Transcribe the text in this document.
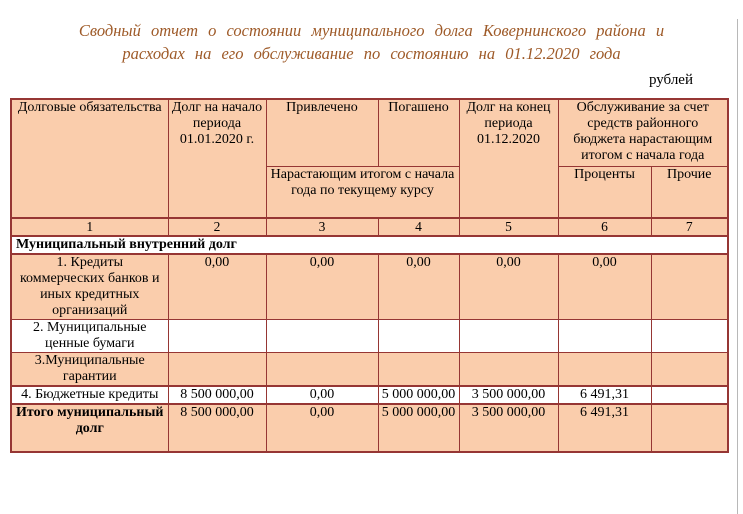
Сводный отчет о состоянии муниципального долга Ковернинского района и
расходах на его обслуживание по состоянию на 01.12.2020 года
рублей
Долговые обязательства	Долг на начало периода 01.01.2020 г.	Привлечено	Погашено	Долг на конец периода 01.12.2020	Обслуживание за счет средств районного бюджета нарастающим итогом с начала года	
		Нарастающим итогом с начала года по текущему курсу			Проценты	Прочие
1	2	3	4	5	6	7
Муниципальный внутренний долг						
1. Кредиты коммерческих банков и иных кредитных организаций	0,00	0,00	0,00	0,00	0,00	
2. Муниципальные ценные бумаги						
3.Муниципальные гарантии						
4. Бюджетные кредиты	8 500 000,00	0,00	5 000 000,00	3 500 000,00	6 491,31	
Итого муниципальный долг	8 500 000,00	0,00	5 000 000,00	3 500 000,00	6 491,31	
